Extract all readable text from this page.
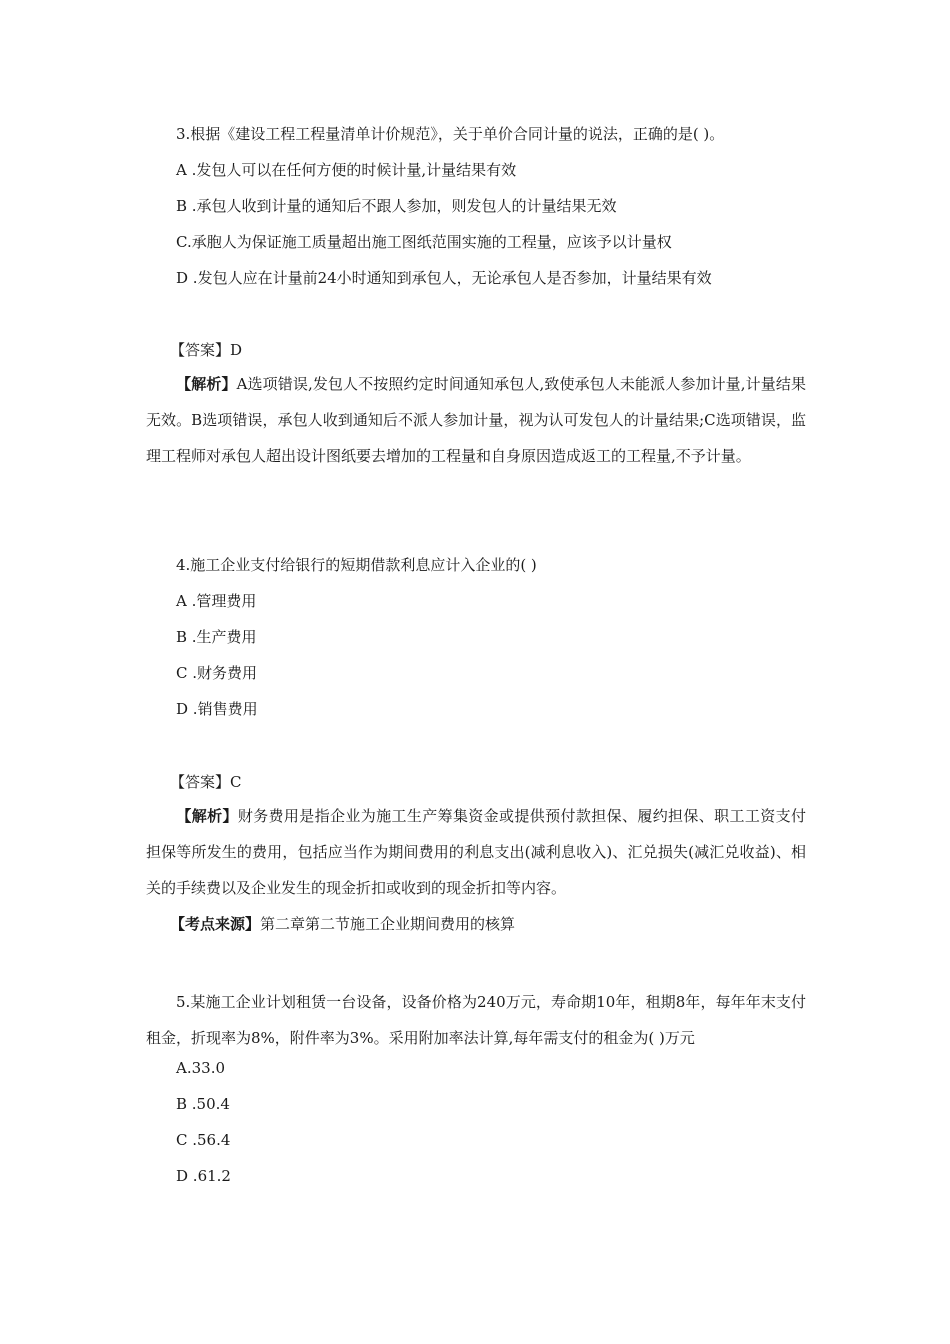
3.根据《建设工程工程量清单计价规范》，关于单价合同计量的说法，正确的是( )。
A .发包人可以在任何方便的时候计量,计量结果有效
B .承包人收到计量的通知后不跟人参加，则发包人的计量结果无效
C.承胞人为保证施工质量超出施工图纸范围实施的工程量，应该予以计量权
D .发包人应在计量前24小时通知到承包人，无论承包人是否参加，计量结果有效
【答案】D
【解析】A选项错误,发包人不按照约定时间通知承包人,致使承包人未能派人参加计量,计量结果无效。B选项错误，承包人收到通知后不派人参加计量，视为认可发包人的计量结果;C选项错误，监理工程师对承包人超出设计图纸要去增加的工程量和自身原因造成返工的工程量,不予计量。
4.施工企业支付给银行的短期借款利息应计入企业的( )
A .管理费用
B .生产费用
C .财务费用
D .销售费用
【答案】C
【解析】财务费用是指企业为施工生产筹集资金或提供预付款担保、履约担保、职工工资支付担保等所发生的费用，包括应当作为期间费用的利息支出(减利息收入)、汇兑损失(减汇兑收益)、相关的手续费以及企业发生的现金折扣或收到的现金折扣等内容。
【考点来源】第二章第二节施工企业期间费用的核算
5.某施工企业计划租赁一台设备，设备价格为240万元，寿命期10年，租期8年，每年年末支付租金，折现率为8%，附件率为3%。采用附加率法计算,每年需支付的租金为( )万元
A.33.0
B .50.4
C .56.4
D .61.2
